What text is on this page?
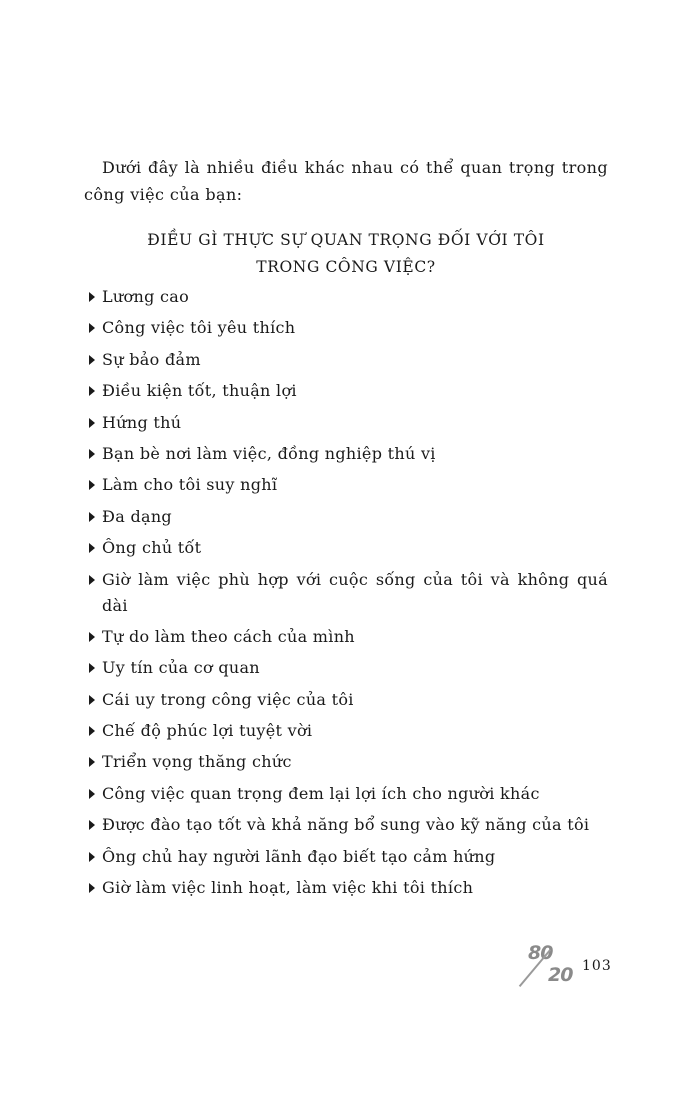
Dưới đây là nhiều điều khác nhau có thể quan trọng trong công việc của bạn:

ĐIỀU GÌ THỰC SỰ QUAN TRỌNG ĐỐI VỚI TÔI
TRONG CÔNG VIỆC?
Lương cao
Công việc tôi yêu thích
Sự bảo đảm
Điều kiện tốt, thuận lợi
Hứng thú
Bạn bè nơi làm việc, đồng nghiệp thú vị
Làm cho tôi suy nghĩ
Đa dạng
Ông chủ tốt
Giờ làm việc phù hợp với cuộc sống của tôi và không quá dài
Tự do làm theo cách của mình
Uy tín của cơ quan
Cái uy trong công việc của tôi
Chế độ phúc lợi tuyệt vời
Triển vọng thăng chức
Công việc quan trọng đem lại lợi ích cho người khác
Được đào tạo tốt và khả năng bổ sung vào kỹ năng của tôi
Ông chủ hay người lãnh đạo biết tạo cảm hứng
Giờ làm việc linh hoạt, làm việc khi tôi thích
80
20 103
